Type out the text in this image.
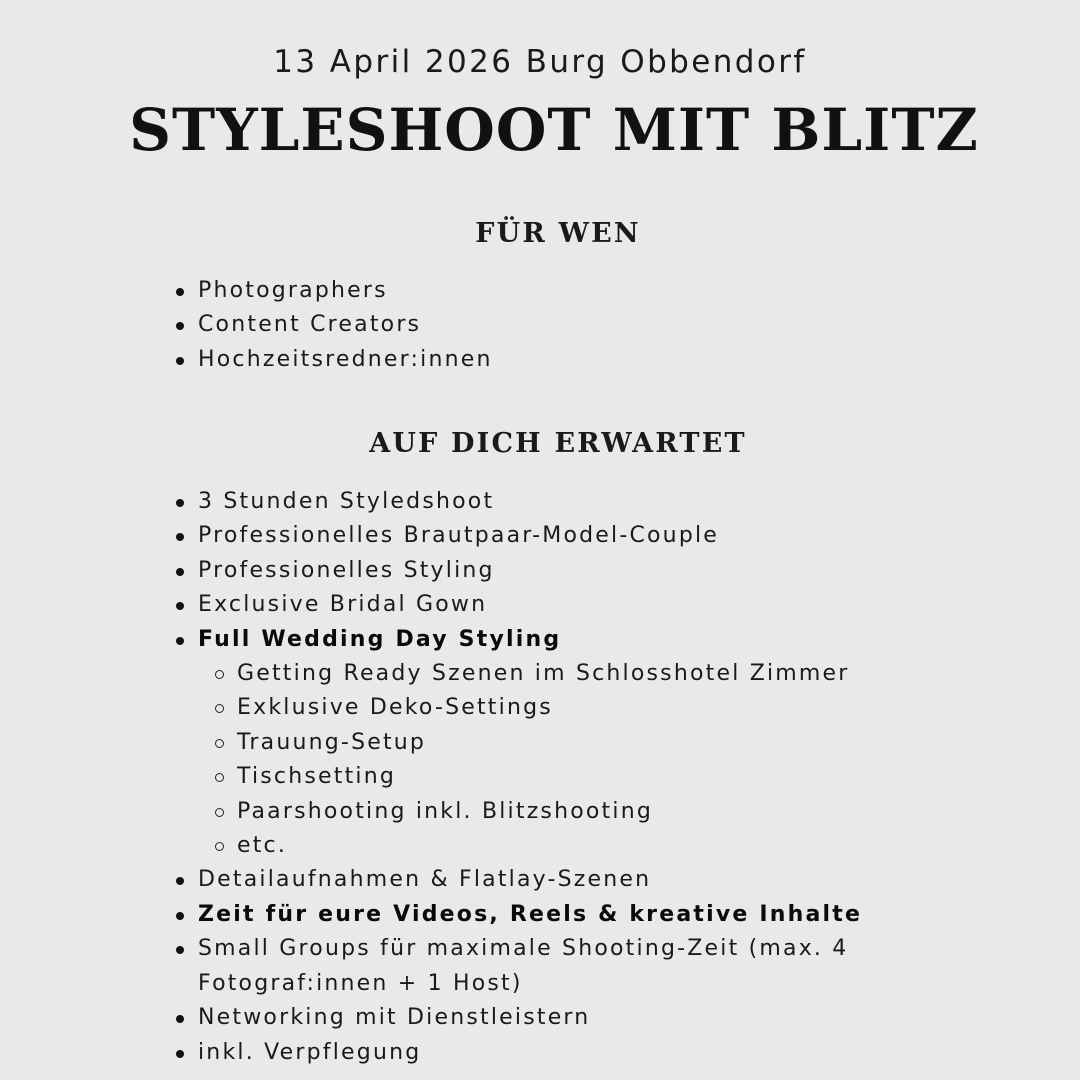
13 April 2026 Burg Obbendorf
STYLESHOOT MIT BLITZ
FÜR WEN
Photographers
Content Creators
Hochzeitsredner:innen
AUF DICH ERWARTET
3 Stunden Styledshoot
Professionelles Brautpaar-Model-Couple
Professionelles Styling
Exclusive Bridal Gown
Full Wedding Day Styling
Getting Ready Szenen im Schlosshotel Zimmer
Exklusive Deko-Settings
Trauung-Setup
Tischsetting
Paarshooting inkl. Blitzshooting
etc.
Detailaufnahmen & Flatlay-Szenen
Zeit für eure Videos, Reels & kreative Inhalte
Small Groups für maximale Shooting-Zeit (max. 4
Fotograf:innen + 1 Host)
Networking mit Dienstleistern
inkl. Verpflegung
